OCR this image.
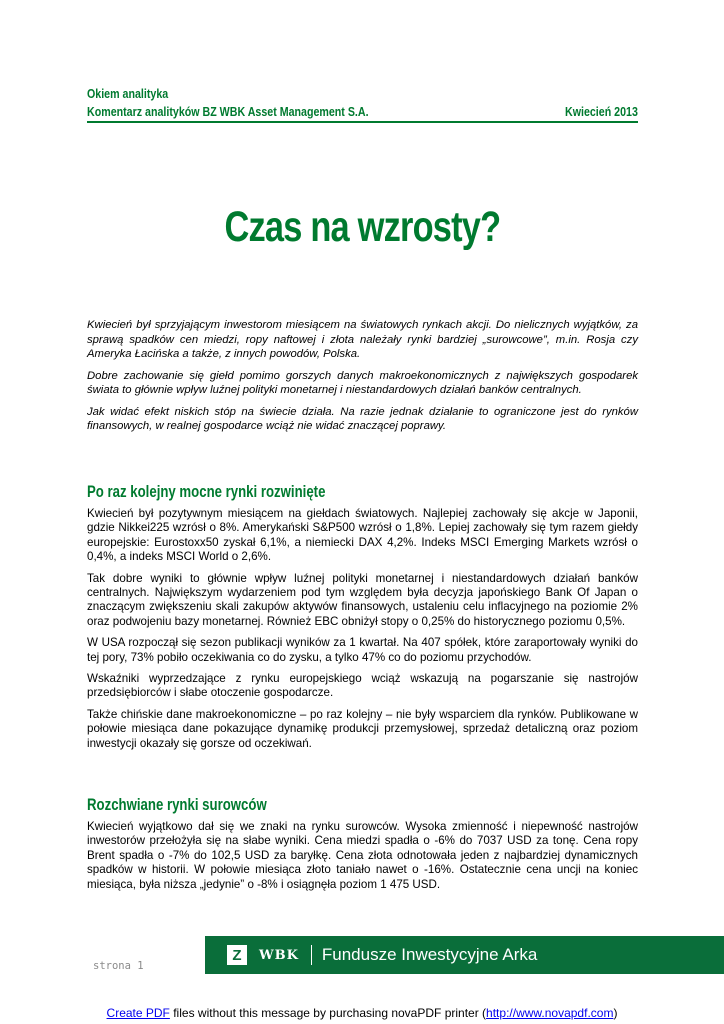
Okiem analityka
Komentarz analityków BZ WBK Asset Management S.A.	Kwiecień 2013
Czas na wzrosty?

Kwiecień był sprzyjającym inwestorom miesiącem na światowych rynkach akcji. Do nielicznych wyjątków, za sprawą spadków cen miedzi, ropy naftowej i złota należały rynki bardziej „surowcowe”, m.in. Rosja czy Ameryka Łacińska a także, z innych powodów, Polska.

Dobre zachowanie się giełd pomimo gorszych danych makroekonomicznych z największych gospodarek świata to głównie wpływ luźnej polityki monetarnej i niestandardowych działań banków centralnych.

Jak widać efekt niskich stóp na świecie działa. Na razie jednak działanie to ograniczone jest do rynków finansowych, w realnej gospodarce wciąż nie widać znaczącej poprawy.

Po raz kolejny mocne rynki rozwinięte

Kwiecień był pozytywnym miesiącem na giełdach światowych. Najlepiej zachowały się akcje w Japonii, gdzie Nikkei225 wzrósł o 8%. Amerykański S&P500 wzrósł o 1,8%. Lepiej zachowały się tym razem giełdy europejskie: Eurostoxx50 zyskał 6,1%, a niemiecki DAX 4,2%. Indeks MSCI Emerging Markets wzrósł o 0,4%, a indeks MSCI World o 2,6%.

Tak dobre wyniki to głównie wpływ luźnej polityki monetarnej i niestandardowych działań banków centralnych. Największym wydarzeniem pod tym względem była decyzja japońskiego Bank Of Japan o znaczącym zwiększeniu skali zakupów aktywów finansowych, ustaleniu celu inflacyjnego na poziomie 2% oraz podwojeniu bazy monetarnej. Również EBC obniżył stopy o 0,25% do historycznego poziomu 0,5%.

W USA rozpoczął się sezon publikacji wyników za 1 kwartał. Na 407 spółek, które zaraportowały wyniki do tej pory, 73% pobiło oczekiwania co do zysku, a tylko 47% co do poziomu przychodów.

Wskaźniki wyprzedzające z rynku europejskiego wciąż wskazują na pogarszanie się nastrojów przedsiębiorców i słabe otoczenie gospodarcze.

Także chińskie dane makroekonomiczne – po raz kolejny – nie były wsparciem dla rynków. Publikowane w połowie miesiąca dane pokazujące dynamikę produkcji przemysłowej, sprzedaż detaliczną oraz poziom inwestycji okazały się gorsze od oczekiwań.

Rozchwiane rynki surowców

Kwiecień wyjątkowo dał się we znaki na rynku surowców. Wysoka zmienność i niepewność nastrojów inwestorów przełożyła się na słabe wyniki. Cena miedzi spadła o -6% do 7037 USD za tonę. Cena ropy Brent spadła o -7% do 102,5 USD za baryłkę. Cena złota odnotowała jeden z najbardziej dynamicznych spadków w historii. W połowie miesiąca złoto taniało nawet o -16%. Ostatecznie cena uncji na koniec miesiąca, była niższa „jedynie” o -8% i osiągnęła poziom 1 475 USD.

Z	WBK Fundusze Inwestycyjne Arka
strona 1
Create PDF files without this message by purchasing novaPDF printer (http://www.novapdf.com)
